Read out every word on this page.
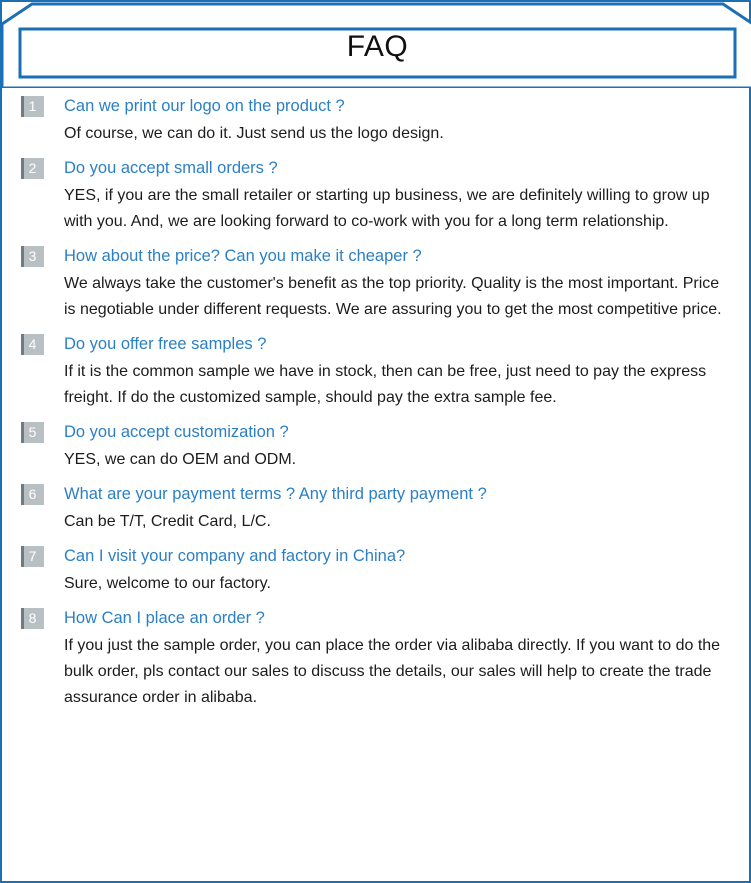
FAQ
1	Can we print our logo on the product ?

Of course, we can do it. Just send us the logo design.

2	Do you accept small orders ?

YES, if you are the small retailer or starting up business, we are definitely willing to grow up with you. And, we are looking forward to co-work with you for a long term relationship.

3	How about the price? Can you make it cheaper ?

We always take the customer's benefit as the top priority. Quality is the most important. Price is negotiable under different requests. We are assuring you to get the most competitive price.

4	Do you offer free samples ?

If it is the common sample we have in stock, then can be free, just need to pay the express freight. If do the customized sample, should pay the extra sample fee.

5	Do you accept customization ?

YES, we can do OEM and ODM.

6	What are your payment terms ? Any third party payment ?

Can be T/T, Credit Card, L/C.

7	Can I visit your company and factory in China?

Sure, welcome to our factory.

8	How Can I place an order ?

If you just the sample order, you can place the order via alibaba directly. If you want to do the bulk order, pls contact our sales to discuss the details, our sales will help to create the trade assurance order in alibaba.
